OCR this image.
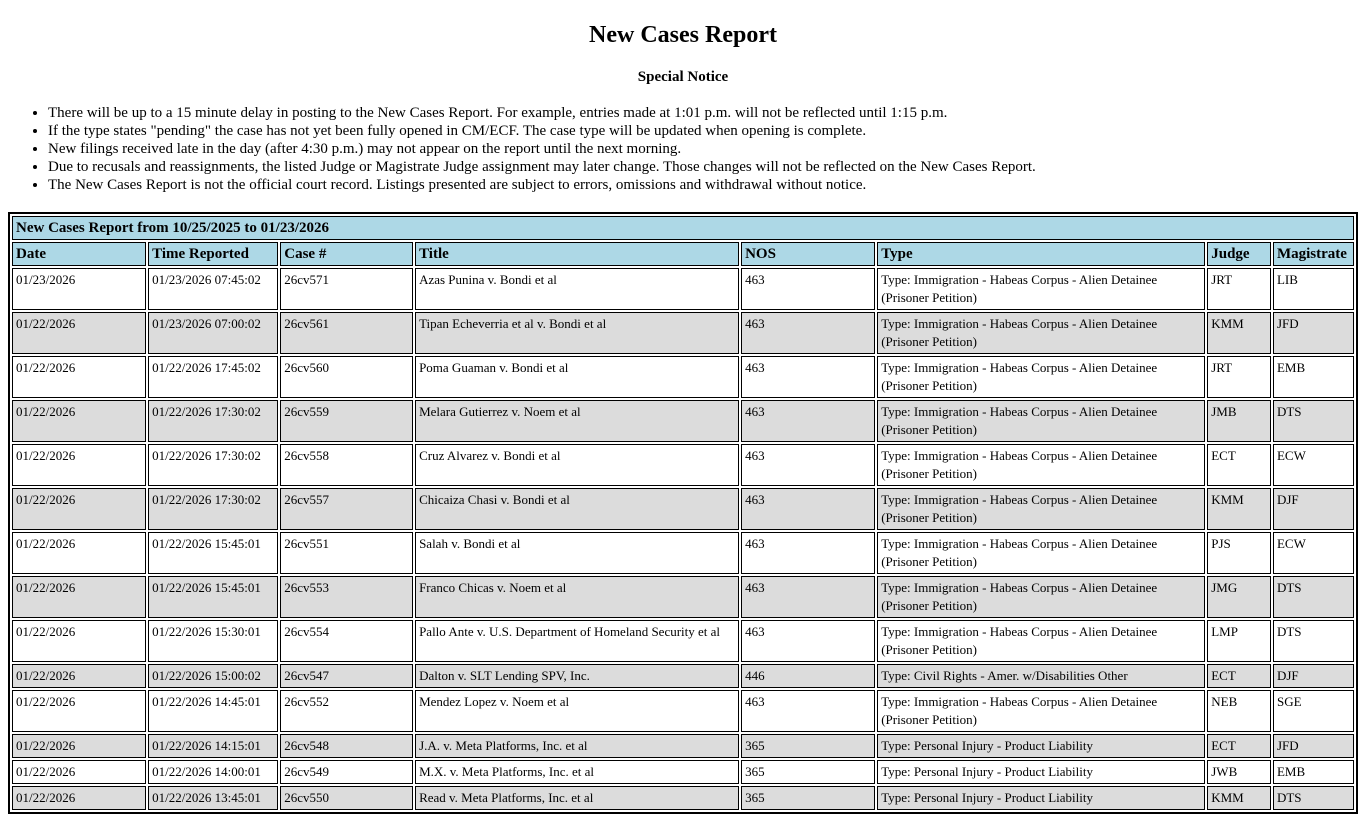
New Cases Report
Special Notice
• There will be up to a 15 minute delay in posting to the New Cases Report. For example, entries made at 1:01 p.m. will not be reflected until 1:15 p.m.
• If the type states "pending" the case has not yet been fully opened in CM/ECF. The case type will be updated when opening is complete.
• New filings received late in the day (after 4:30 p.m.) may not appear on the report until the next morning.
• Due to recusals and reassignments, the listed Judge or Magistrate Judge assignment may later change. Those changes will not be reflected on the New Cases Report.
• The New Cases Report is not the official court record. Listings presented are subject to errors, omissions and withdrawal without notice.
New Cases Report from 10/25/2025 to 01/23/2026							
Date	Time Reported	Case #	Title	NOS	Type	Judge	Magistrate
01/23/2026	01/23/2026 07:45:02	26cv571	Azas Punina v. Bondi et al	463	Type: Immigration - Habeas Corpus - Alien Detainee (Prisoner Petition)	JRT	LIB
01/22/2026	01/23/2026 07:00:02	26cv561	Tipan Echeverria et al v. Bondi et al	463	Type: Immigration - Habeas Corpus - Alien Detainee (Prisoner Petition)	KMM	JFD
01/22/2026	01/22/2026 17:45:02	26cv560	Poma Guaman v. Bondi et al	463	Type: Immigration - Habeas Corpus - Alien Detainee (Prisoner Petition)	JRT	EMB
01/22/2026	01/22/2026 17:30:02	26cv559	Melara Gutierrez v. Noem et al	463	Type: Immigration - Habeas Corpus - Alien Detainee (Prisoner Petition)	JMB	DTS
01/22/2026	01/22/2026 17:30:02	26cv558	Cruz Alvarez v. Bondi et al	463	Type: Immigration - Habeas Corpus - Alien Detainee (Prisoner Petition)	ECT	ECW
01/22/2026	01/22/2026 17:30:02	26cv557	Chicaiza Chasi v. Bondi et al	463	Type: Immigration - Habeas Corpus - Alien Detainee (Prisoner Petition)	KMM	DJF
01/22/2026	01/22/2026 15:45:01	26cv551	Salah v. Bondi et al	463	Type: Immigration - Habeas Corpus - Alien Detainee (Prisoner Petition)	PJS	ECW
01/22/2026	01/22/2026 15:45:01	26cv553	Franco Chicas v. Noem et al	463	Type: Immigration - Habeas Corpus - Alien Detainee (Prisoner Petition)	JMG	DTS
01/22/2026	01/22/2026 15:30:01	26cv554	Pallo Ante v. U.S. Department of Homeland Security et al	463	Type: Immigration - Habeas Corpus - Alien Detainee (Prisoner Petition)	LMP	DTS
01/22/2026	01/22/2026 15:00:02	26cv547	Dalton v. SLT Lending SPV, Inc.	446	Type: Civil Rights - Amer. w/Disabilities Other	ECT	DJF
01/22/2026	01/22/2026 14:45:01	26cv552	Mendez Lopez v. Noem et al	463	Type: Immigration - Habeas Corpus - Alien Detainee (Prisoner Petition)	NEB	SGE
01/22/2026	01/22/2026 14:15:01	26cv548	J.A. v. Meta Platforms, Inc. et al	365	Type: Personal Injury - Product Liability	ECT	JFD
01/22/2026	01/22/2026 14:00:01	26cv549	M.X. v. Meta Platforms, Inc. et al	365	Type: Personal Injury - Product Liability	JWB	EMB
01/22/2026	01/22/2026 13:45:01	26cv550	Read v. Meta Platforms, Inc. et al	365	Type: Personal Injury - Product Liability	KMM	DTS
